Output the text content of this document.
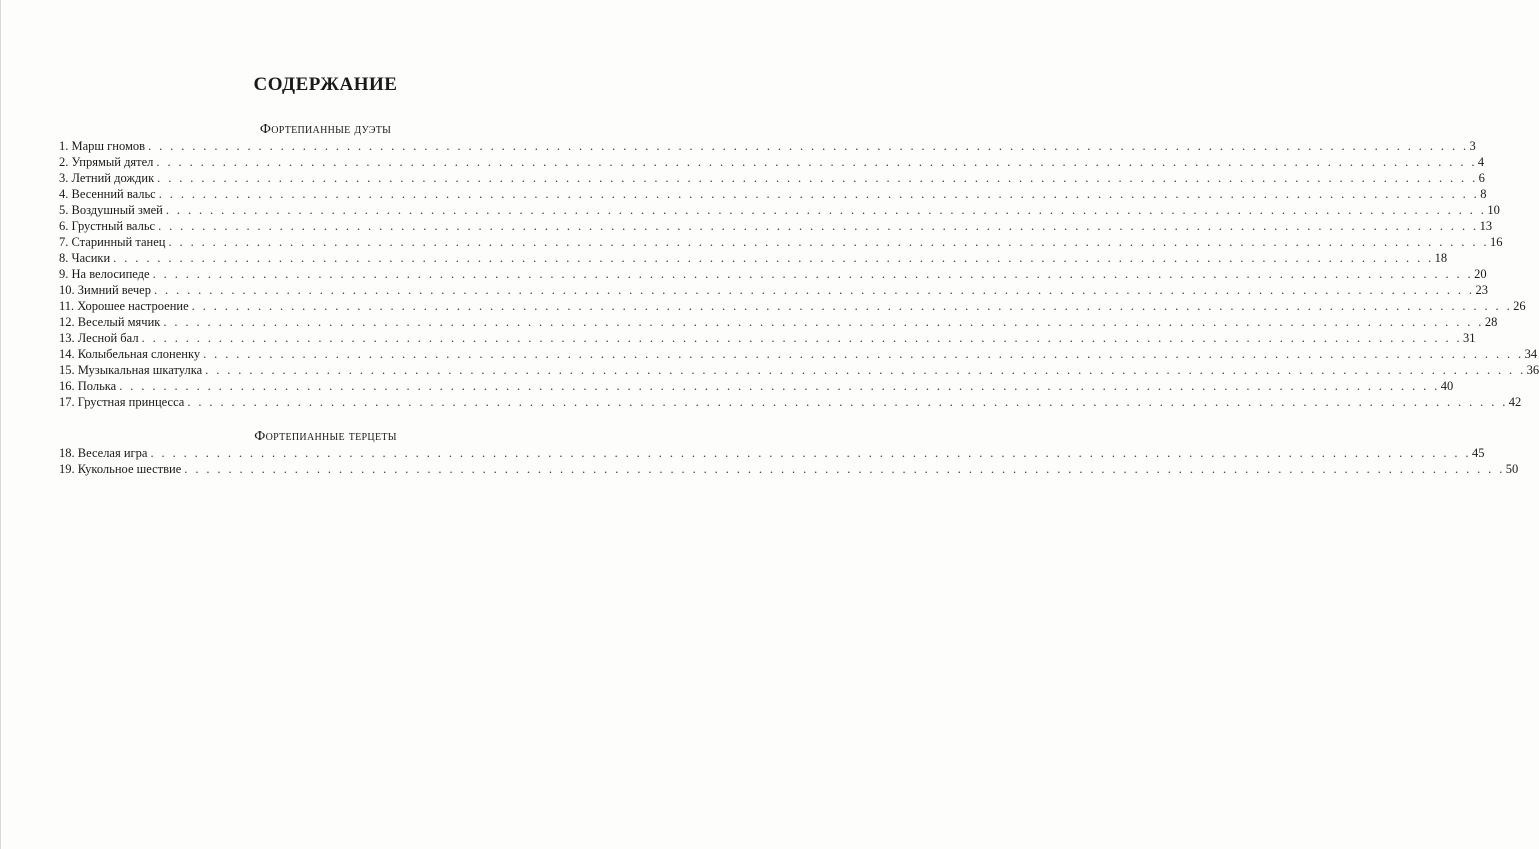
СОДЕРЖАНИЕ
Фортепианные дуэты
1. Марш гномов . . . . . . . . . . . . . . . . . . . . . . . . . . . . . . . . . . . . . . . . . . . . . . . . . . . . . . . . . . . . . . . . . . . . . . . . . . . . . . . . . . . . . . . . . . . . . . . . . . . . . . . . . . . . . . . . . . . . . . . . 3
2. Упрямый дятел . . . . . . . . . . . . . . . . . . . . . . . . . . . . . . . . . . . . . . . . . . . . . . . . . . . . . . . . . . . . . . . . . . . . . . . . . . . . . . . . . . . . . . . . . . . . . . . . . . . . . . . . . . . . . . . . . . . . . . . . 4
3. Летний дождик . . . . . . . . . . . . . . . . . . . . . . . . . . . . . . . . . . . . . . . . . . . . . . . . . . . . . . . . . . . . . . . . . . . . . . . . . . . . . . . . . . . . . . . . . . . . . . . . . . . . . . . . . . . . . . . . . . . . . . . . 6
4. Весенний вальс . . . . . . . . . . . . . . . . . . . . . . . . . . . . . . . . . . . . . . . . . . . . . . . . . . . . . . . . . . . . . . . . . . . . . . . . . . . . . . . . . . . . . . . . . . . . . . . . . . . . . . . . . . . . . . . . . . . . . . . . 8
5. Воздушный змей . . . . . . . . . . . . . . . . . . . . . . . . . . . . . . . . . . . . . . . . . . . . . . . . . . . . . . . . . . . . . . . . . . . . . . . . . . . . . . . . . . . . . . . . . . . . . . . . . . . . . . . . . . . . . . . . . . . . . . . . 10
6. Грустный вальс . . . . . . . . . . . . . . . . . . . . . . . . . . . . . . . . . . . . . . . . . . . . . . . . . . . . . . . . . . . . . . . . . . . . . . . . . . . . . . . . . . . . . . . . . . . . . . . . . . . . . . . . . . . . . . . . . . . . . . . . 13
7. Старинный танец . . . . . . . . . . . . . . . . . . . . . . . . . . . . . . . . . . . . . . . . . . . . . . . . . . . . . . . . . . . . . . . . . . . . . . . . . . . . . . . . . . . . . . . . . . . . . . . . . . . . . . . . . . . . . . . . . . . . . . . . 16
8. Часики . . . . . . . . . . . . . . . . . . . . . . . . . . . . . . . . . . . . . . . . . . . . . . . . . . . . . . . . . . . . . . . . . . . . . . . . . . . . . . . . . . . . . . . . . . . . . . . . . . . . . . . . . . . . . . . . . . . . . . . . 18
9. На велосипеде . . . . . . . . . . . . . . . . . . . . . . . . . . . . . . . . . . . . . . . . . . . . . . . . . . . . . . . . . . . . . . . . . . . . . . . . . . . . . . . . . . . . . . . . . . . . . . . . . . . . . . . . . . . . . . . . . . . . . . . . 20
10. Зимний вечер . . . . . . . . . . . . . . . . . . . . . . . . . . . . . . . . . . . . . . . . . . . . . . . . . . . . . . . . . . . . . . . . . . . . . . . . . . . . . . . . . . . . . . . . . . . . . . . . . . . . . . . . . . . . . . . . . . . . . . . . 23
11. Хорошее настроение . . . . . . . . . . . . . . . . . . . . . . . . . . . . . . . . . . . . . . . . . . . . . . . . . . . . . . . . . . . . . . . . . . . . . . . . . . . . . . . . . . . . . . . . . . . . . . . . . . . . . . . . . . . . . . . . . . . . . . . . 26
12. Веселый мячик . . . . . . . . . . . . . . . . . . . . . . . . . . . . . . . . . . . . . . . . . . . . . . . . . . . . . . . . . . . . . . . . . . . . . . . . . . . . . . . . . . . . . . . . . . . . . . . . . . . . . . . . . . . . . . . . . . . . . . . . 28
13. Лесной бал . . . . . . . . . . . . . . . . . . . . . . . . . . . . . . . . . . . . . . . . . . . . . . . . . . . . . . . . . . . . . . . . . . . . . . . . . . . . . . . . . . . . . . . . . . . . . . . . . . . . . . . . . . . . . . . . . . . . . . . . 31
14. Колыбельная слоненку . . . . . . . . . . . . . . . . . . . . . . . . . . . . . . . . . . . . . . . . . . . . . . . . . . . . . . . . . . . . . . . . . . . . . . . . . . . . . . . . . . . . . . . . . . . . . . . . . . . . . . . . . . . . . . . . . . . . . . . . 34
15. Музыкальная шкатулка . . . . . . . . . . . . . . . . . . . . . . . . . . . . . . . . . . . . . . . . . . . . . . . . . . . . . . . . . . . . . . . . . . . . . . . . . . . . . . . . . . . . . . . . . . . . . . . . . . . . . . . . . . . . . . . . . . . . . . . . 36
16. Полька . . . . . . . . . . . . . . . . . . . . . . . . . . . . . . . . . . . . . . . . . . . . . . . . . . . . . . . . . . . . . . . . . . . . . . . . . . . . . . . . . . . . . . . . . . . . . . . . . . . . . . . . . . . . . . . . . . . . . . . . 40
17. Грустная принцесса . . . . . . . . . . . . . . . . . . . . . . . . . . . . . . . . . . . . . . . . . . . . . . . . . . . . . . . . . . . . . . . . . . . . . . . . . . . . . . . . . . . . . . . . . . . . . . . . . . . . . . . . . . . . . . . . . . . . . . . . 42
Фортепианные терцеты
18. Веселая игра . . . . . . . . . . . . . . . . . . . . . . . . . . . . . . . . . . . . . . . . . . . . . . . . . . . . . . . . . . . . . . . . . . . . . . . . . . . . . . . . . . . . . . . . . . . . . . . . . . . . . . . . . . . . . . . . . . . . . . . . 45
19. Кукольное шествие . . . . . . . . . . . . . . . . . . . . . . . . . . . . . . . . . . . . . . . . . . . . . . . . . . . . . . . . . . . . . . . . . . . . . . . . . . . . . . . . . . . . . . . . . . . . . . . . . . . . . . . . . . . . . . . . . . . . . . . . 50
